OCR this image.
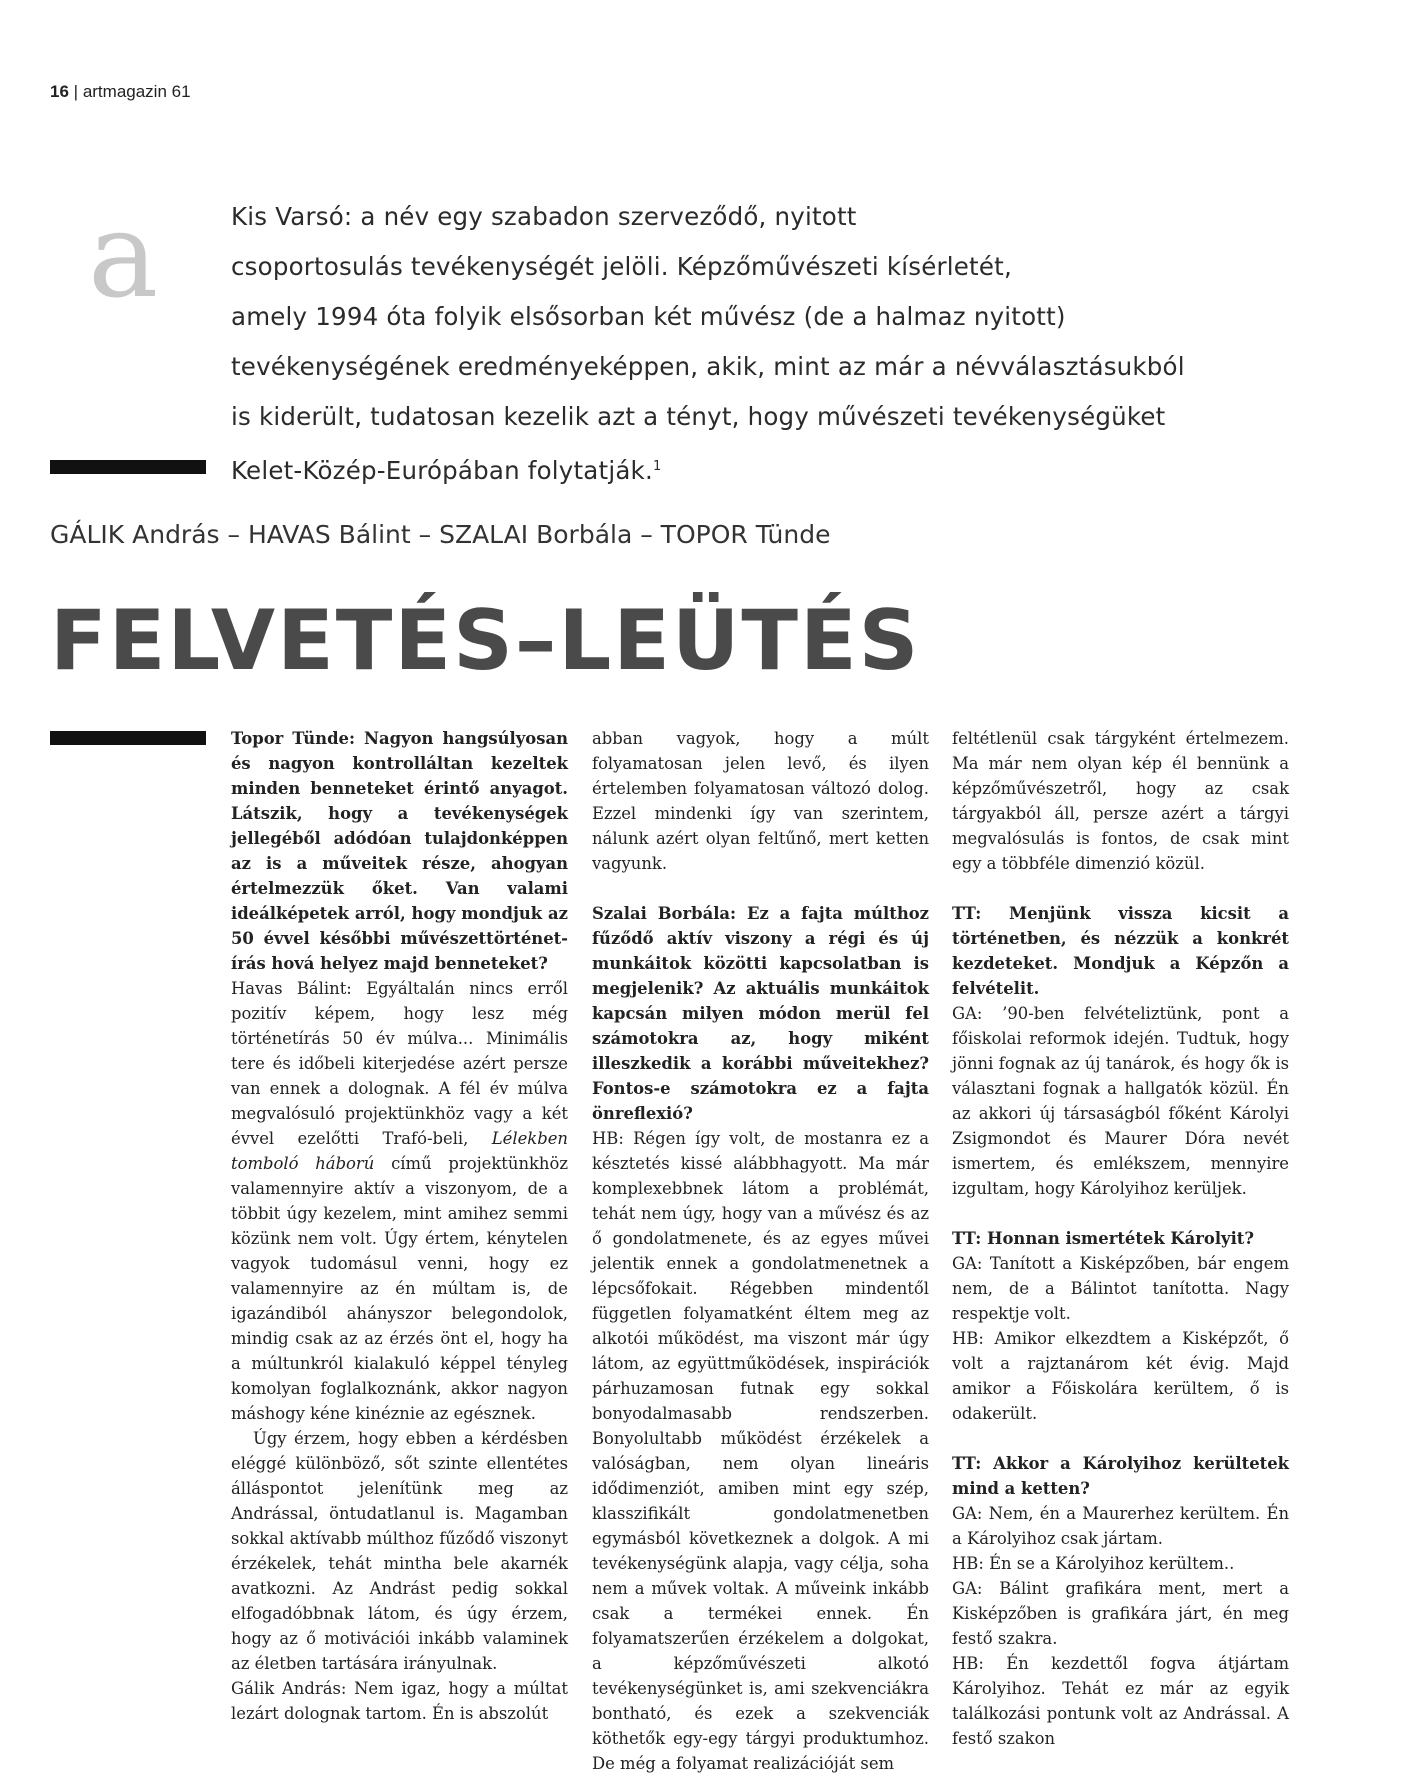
16 | artmagazin 61
a	Kis Varsó: a név egy szabadon szerveződő, nyitott
csoportosulás tevékenységét jelöli. Képzőművészeti kísérletét,
amely 1994 óta folyik elsősorban két művész (de a halmaz nyitott)
tevékenységének eredményeképpen, akik, mint az már a névválasztásukból
is kiderült, tudatosan kezelik azt a tényt, hogy művészeti tevékenységüket
Kelet-Közép-Európában folytatják.$^1$
GÁLIK András – HAVAS Bálint – SZALAI Borbála – TOPOR Tünde
FELVETÉS–LEÜTÉS

Topor Tünde: Nagyon hangsúlyosan és nagyon kontrolláltan kezeltek minden benneteket érintő anyagot. Látszik, hogy a tevékenységek jellegéből adódóan tulajdonképpen az is a műveitek része, ahogyan értelmezzük őket. Van valami ideálképetek arról, hogy mondjuk az 50 évvel későbbi művészettörténet-írás hová helyez majd benneteket?

Havas Bálint: Egyáltalán nincs erről pozitív képem, hogy lesz még történetírás 50 év múlva... Minimális tere és időbeli kiterjedése azért persze van ennek a dolognak. A fél év múlva megvalósuló projektünkhöz vagy a két évvel ezelőtti Trafó-beli, Lélekben tomboló háború című projektünkhöz valamennyire aktív a viszonyom, de a többit úgy kezelem, mint amihez semmi közünk nem volt. Úgy értem, kénytelen vagyok tudomásul venni, hogy ez valamennyire az én múltam is, de igazándiból ahányszor belegondolok, mindig csak az az érzés önt el, hogy ha a múltunkról kialakuló képpel tényleg komolyan foglalkoznánk, akkor nagyon máshogy kéne kinéznie az egésznek.

Úgy érzem, hogy ebben a kérdésben eléggé különböző, sőt szinte ellentétes álláspontot jelenítünk meg az Andrással, öntudatlanul is. Magamban sokkal aktívabb múlthoz fűződő viszonyt érzékelek, tehát mintha bele akarnék avatkozni. Az Andrást pedig sokkal elfogadóbbnak látom, és úgy érzem, hogy az ő motivációi inkább valaminek az életben tartására irányulnak.

Gálik András: Nem igaz, hogy a múltat lezárt dolognak tartom. Én is abszolút

abban vagyok, hogy a múlt folyamatosan jelen levő, és ilyen értelemben folyamatosan változó dolog. Ezzel mindenki így van szerintem, nálunk azért olyan feltűnő, mert ketten vagyunk.

Szalai Borbála: Ez a fajta múlthoz fűződő aktív viszony a régi és új munkáitok közötti kapcsolatban is megjelenik? Az aktuális munkáitok kapcsán milyen módon merül fel számotokra az, hogy miként illeszkedik a korábbi műveitekhez? Fontos-e számotokra ez a fajta önreflexió?

HB: Régen így volt, de mostanra ez a késztetés kissé alábbhagyott. Ma már komplexebbnek látom a problémát, tehát nem úgy, hogy van a művész és az ő gondolatmenete, és az egyes művei jelentik ennek a gondolatmenetnek a lépcsőfokait. Régebben mindentől független folyamatként éltem meg az alkotói működést, ma viszont már úgy látom, az együttműködések, inspirációk párhuzamosan futnak egy sokkal bonyodalmasabb rendszerben. Bonyolultabb működést érzékelek a valóságban, nem olyan lineáris idődimenziót, amiben mint egy szép, klasszifikált gondolatmenetben egymásból következnek a dolgok. A mi tevékenységünk alapja, vagy célja, soha nem a művek voltak. A műveink inkább csak a termékei ennek. Én folyamatszerűen érzékelem a dolgokat, a képzőművészeti alkotó tevékenységünket is, ami szekvenciákra bontható, és ezek a szekvenciák köthetők egy-egy tárgyi produktumhoz. De még a folyamat realizációját sem

feltétlenül csak tárgyként értelmezem. Ma már nem olyan kép él bennünk a képzőművészetről, hogy az csak tárgyakból áll, persze azért a tárgyi megvalósulás is fontos, de csak mint egy a többféle dimenzió közül.

TT: Menjünk vissza kicsit a történetben, és nézzük a konkrét kezdeteket. Mondjuk a Képzőn a felvételit.

GA: ’90-ben felvételiztünk, pont a főiskolai reformok idején. Tudtuk, hogy jönni fognak az új tanárok, és hogy ők is választani fognak a hallgatók közül. Én az akkori új társaságból főként Károlyi Zsigmondot és Maurer Dóra nevét ismertem, és emlékszem, mennyire izgultam, hogy Károlyihoz kerüljek.

TT: Honnan ismertétek Károlyit?

GA: Tanított a Kisképzőben, bár engem nem, de a Bálintot tanította. Nagy respektje volt.

HB: Amikor elkezdtem a Kisképzőt, ő volt a rajztanárom két évig. Majd amikor a Főiskolára kerültem, ő is odakerült.

TT: Akkor a Károlyihoz kerültetek mind a ketten?

GA: Nem, én a Maurerhez kerültem. Én a Károlyihoz csak jártam.

HB: Én se a Károlyihoz kerültem..

GA: Bálint grafikára ment, mert a Kisképzőben is grafikára járt, én meg festő szakra.

HB: Én kezdettől fogva átjártam Károlyihoz. Tehát ez már az egyik találkozási pontunk volt az Andrással. A festő szakon
